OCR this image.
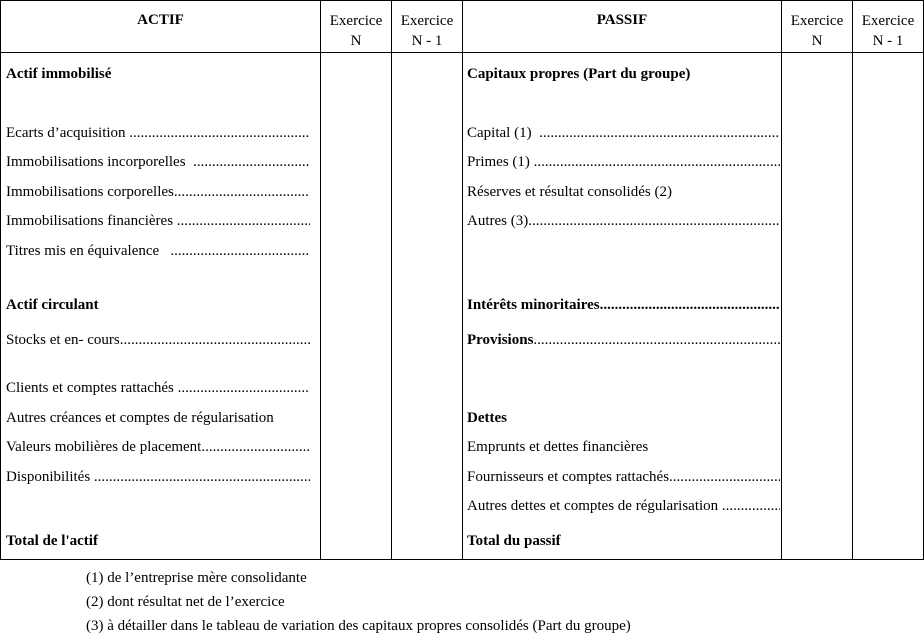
ACTIF	Exercice
N
Exercice
N - 1
PASSIF	Exercice
N
Exercice
N - 1
Actif immobilisé
Ecarts d’acquisition
.....
Immobilisations incorporelles
.....
Immobilisations corporelles
.....
Immobilisations financières
.....
Titres mis en équivalence
.....
Actif circulant
Stocks et en- cours
.....
Clients et comptes rattachés
.....
Autres créances et comptes de régularisation
Valeurs mobilières de placement
.....
Disponibilités
.....
Total de l'actif
Capitaux propres (Part du groupe)
Capital (1)
.....
Primes (1)
.....
Réserves et résultat consolidés (2)
Autres (3)
.....
Intérêts minoritaires
.....
Provisions
.....
Dettes
Emprunts et dettes financières
Fournisseurs et comptes rattachés
.....
Autres dettes et comptes de régularisation
.....
Total du passif
(1) de l’entreprise mère consolidante
(2) dont résultat net de l’exercice
(3) à détailler dans le tableau de variation des capitaux propres consolidés (Part du groupe)
